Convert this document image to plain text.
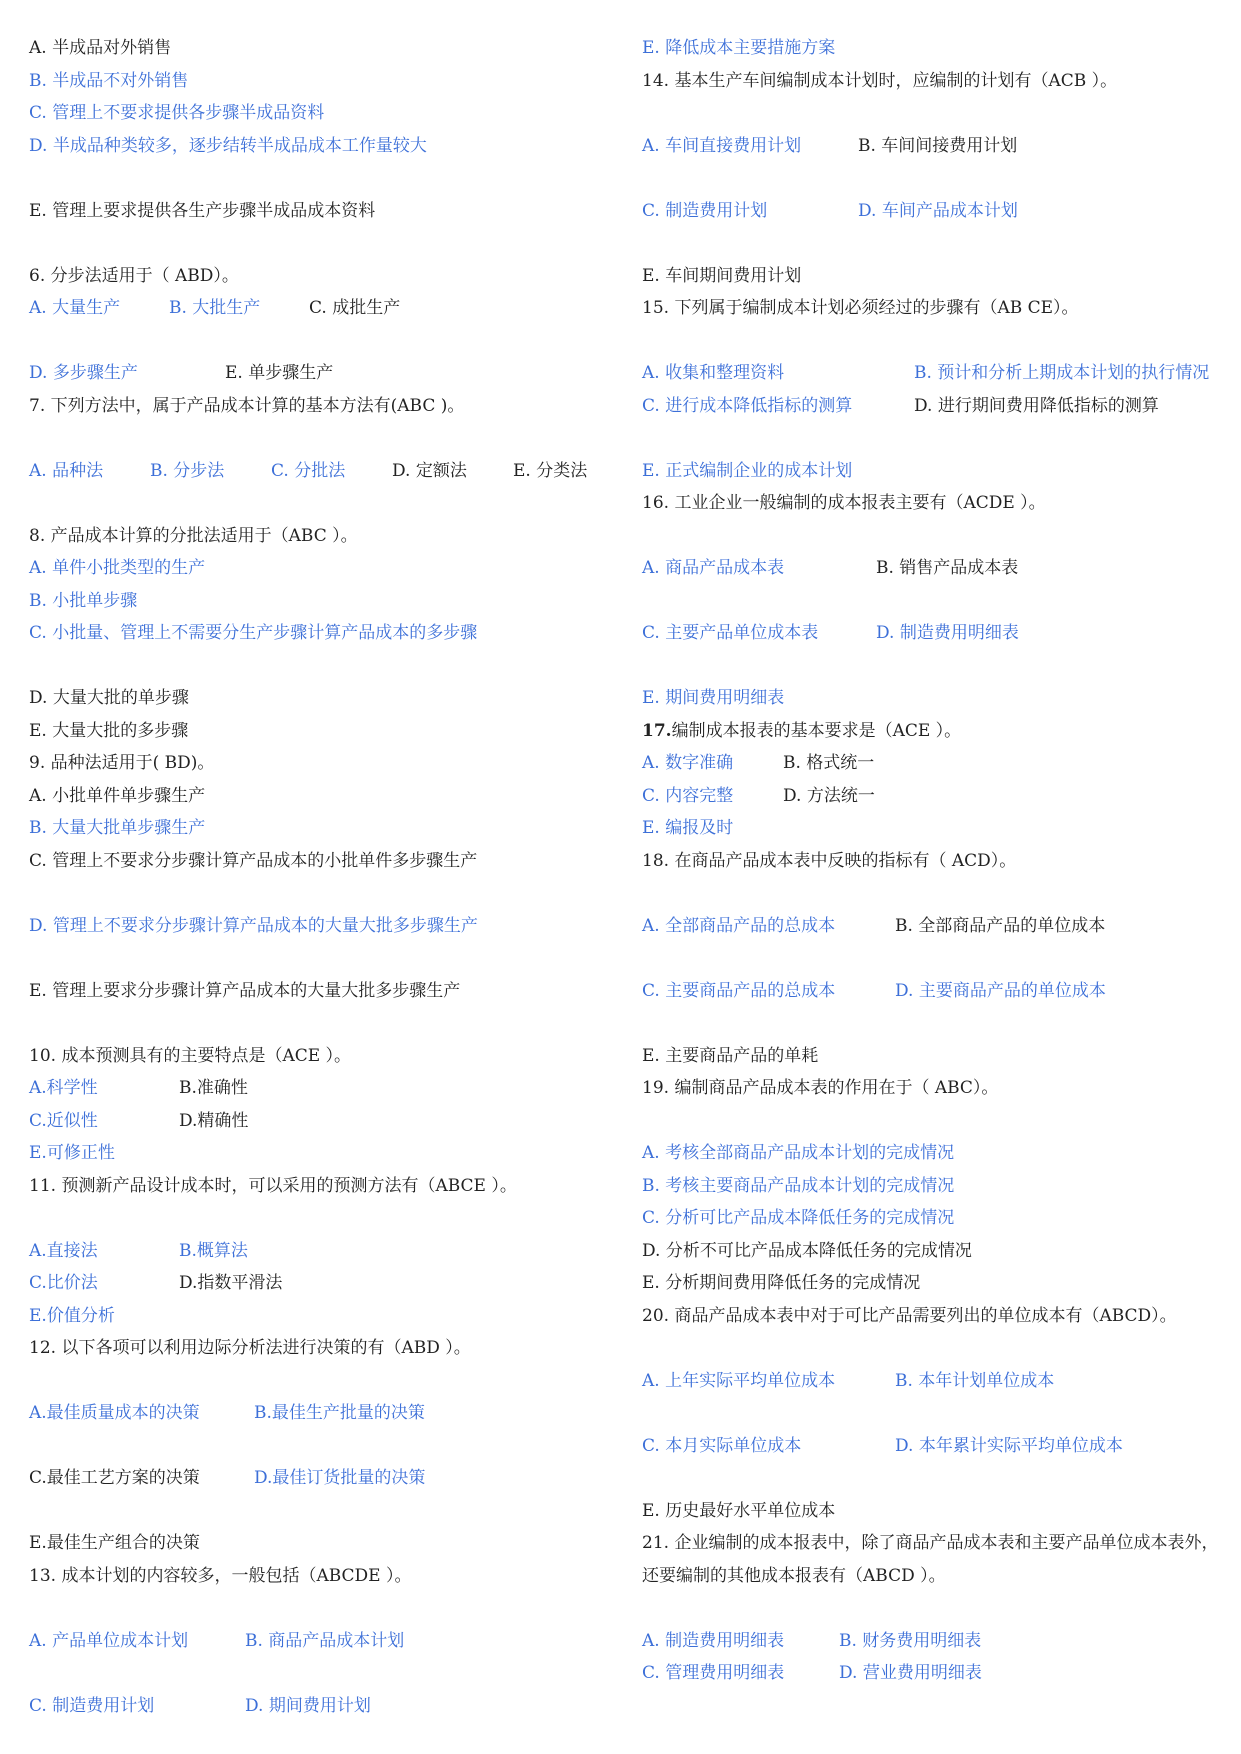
A. 半成品对外销售
B. 半成品不对外销售
C. 管理上不要求提供各步骤半成品资料
D. 半成品种类较多，逐步结转半成品成本工作量较大
E. 管理上要求提供各生产步骤半成品成本资料
6. 分步法适用于（ ABD）。
A. 大量生产	B. 大批生产	C. 成批生产
D. 多步骤生产	E. 单步骤生产
7. 下列方法中，属于产品成本计算的基本方法有(ABC )。
A. 品种法	B. 分步法	C. 分批法	D. 定额法	E. 分类法
8. 产品成本计算的分批法适用于（ABC ）。
A. 单件小批类型的生产
B. 小批单步骤
C. 小批量、管理上不需要分生产步骤计算产品成本的多步骤
D. 大量大批的单步骤
E. 大量大批的多步骤
9. 品种法适用于( BD)。
A. 小批单件单步骤生产
B. 大量大批单步骤生产
C. 管理上不要求分步骤计算产品成本的小批单件多步骤生产
D. 管理上不要求分步骤计算产品成本的大量大批多步骤生产
E. 管理上要求分步骤计算产品成本的大量大批多步骤生产
10. 成本预测具有的主要特点是（ACE ）。
A.科学性	B.准确性
C.近似性	D.精确性
E.可修正性
11. 预测新产品设计成本时，可以采用的预测方法有（ABCE ）。
A.直接法	B.概算法
C.比价法	D.指数平滑法
E.价值分析
12. 以下各项可以利用边际分析法进行决策的有（ABD ）。
A.最佳质量成本的决策	B.最佳生产批量的决策
C.最佳工艺方案的决策	D.最佳订货批量的决策
E.最佳生产组合的决策
13. 成本计划的内容较多，一般包括（ABCDE ）。
A. 产品单位成本计划	B. 商品产品成本计划
C. 制造费用计划	D. 期间费用计划
E. 降低成本主要措施方案
14. 基本生产车间编制成本计划时，应编制的计划有（ACB ）。
A. 车间直接费用计划	B. 车间间接费用计划
C. 制造费用计划	D. 车间产品成本计划
E. 车间期间费用计划
15. 下列属于编制成本计划必须经过的步骤有（AB CE）。
A. 收集和整理资料	B. 预计和分析上期成本计划的执行情况
C. 进行成本降低指标的测算	D. 进行期间费用降低指标的测算
E. 正式编制企业的成本计划
16. 工业企业一般编制的成本报表主要有（ACDE ）。
A. 商品产品成本表	B. 销售产品成本表
C. 主要产品单位成本表	D. 制造费用明细表
E. 期间费用明细表
17.编制成本报表的基本要求是（ACE ）。
A. 数字准确	B. 格式统一
C. 内容完整	D. 方法统一
E. 编报及时
18. 在商品产品成本表中反映的指标有（ ACD）。
A. 全部商品产品的总成本	B. 全部商品产品的单位成本
C. 主要商品产品的总成本	D. 主要商品产品的单位成本
E. 主要商品产品的单耗
19. 编制商品产品成本表的作用在于（ ABC）。
A. 考核全部商品产品成本计划的完成情况
B. 考核主要商品产品成本计划的完成情况
C. 分析可比产品成本降低任务的完成情况
D. 分析不可比产品成本降低任务的完成情况
E. 分析期间费用降低任务的完成情况
20. 商品产品成本表中对于可比产品需要列出的单位成本有（ABCD）。
A. 上年实际平均单位成本	B. 本年计划单位成本
C. 本月实际单位成本	D. 本年累计实际平均单位成本
E. 历史最好水平单位成本
21. 企业编制的成本报表中，除了商品产品成本表和主要产品单位成本表外，还要编制的其他成本报表有（ABCD ）。
A. 制造费用明细表	B. 财务费用明细表
C. 管理费用明细表	D. 营业费用明细表
